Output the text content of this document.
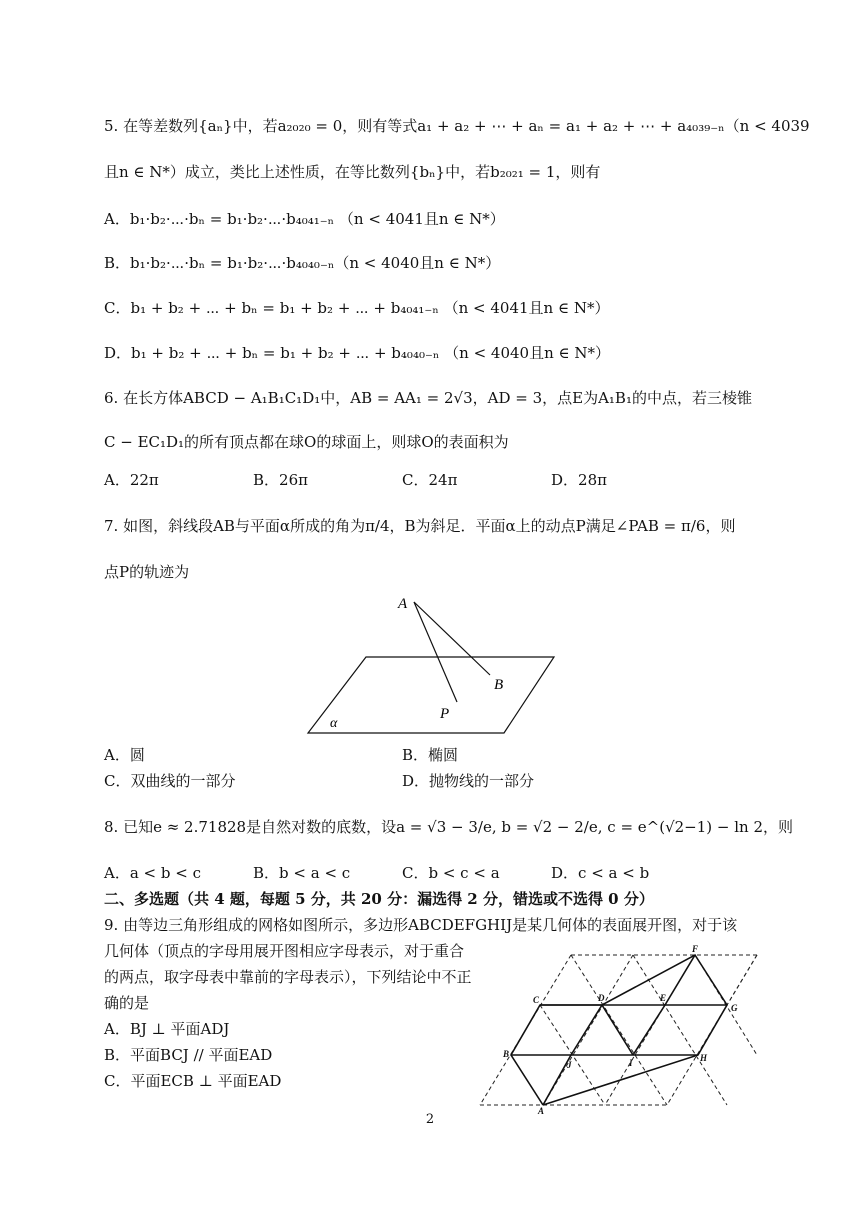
5. 在等差数列{aₙ}中，若a₂₀₂₀ = 0，则有等式a₁ + a₂ + ⋯ + aₙ = a₁ + a₂ + ⋯ + a₄₀₃₉₋ₙ（n < 4039
且n ∈ N*）成立，类比上述性质，在等比数列{bₙ}中，若b₂₀₂₁ = 1，则有
A．b₁·b₂·⋯·bₙ = b₁·b₂·⋯·b₄₀₄₁₋ₙ （n < 4041且n ∈ N*）
B．b₁·b₂·⋯·bₙ = b₁·b₂·⋯·b₄₀₄₀₋ₙ（n < 4040且n ∈ N*）
C．b₁ + b₂ + ⋯ + bₙ = b₁ + b₂ + ⋯ + b₄₀₄₁₋ₙ （n < 4041且n ∈ N*）
D．b₁ + b₂ + ⋯ + bₙ = b₁ + b₂ + ⋯ + b₄₀₄₀₋ₙ （n < 4040且n ∈ N*）
6. 在长方体ABCD − A₁B₁C₁D₁中，AB = AA₁ = 2√3，AD = 3，点E为A₁B₁的中点，若三棱锥
C − EC₁D₁的所有顶点都在球O的球面上，则球O的表面积为
A．22π	B．26π	C．24π	D．28π
7. 如图，斜线段AB与平面α所成的角为π/4，B为斜足．平面α上的动点P满足∠PAB = π/6，则
点P的轨迹为
A
B
P
α
A．圆	B．椭圆
C．双曲线的一部分	D．抛物线的一部分
8. 已知e ≈ 2.71828是自然对数的底数，设a = √3 − 3/e, b = √2 − 2/e, c = e^(√2−1) − ln 2，则
A．a < b < c	B．b < a < c	C．b < c < a	D．c < a < b
二、多选题（共 4 题，每题 5 分，共 20 分：漏选得 2 分，错选或不选得 0 分）
9. 由等边三角形组成的网格如图所示，多边形ABCDEFGHIJ是某几何体的表面展开图，对于该
几何体（顶点的字母用展开图相应字母表示，对于重合
的两点，取字母表中靠前的字母表示），下列结论中不正
确的是
A．BJ ⊥ 平面ADJ
B．平面BCJ // 平面EAD
C．平面ECB ⊥ 平面EAD
F
C	D	E
G
B
J	I	H
A
2
